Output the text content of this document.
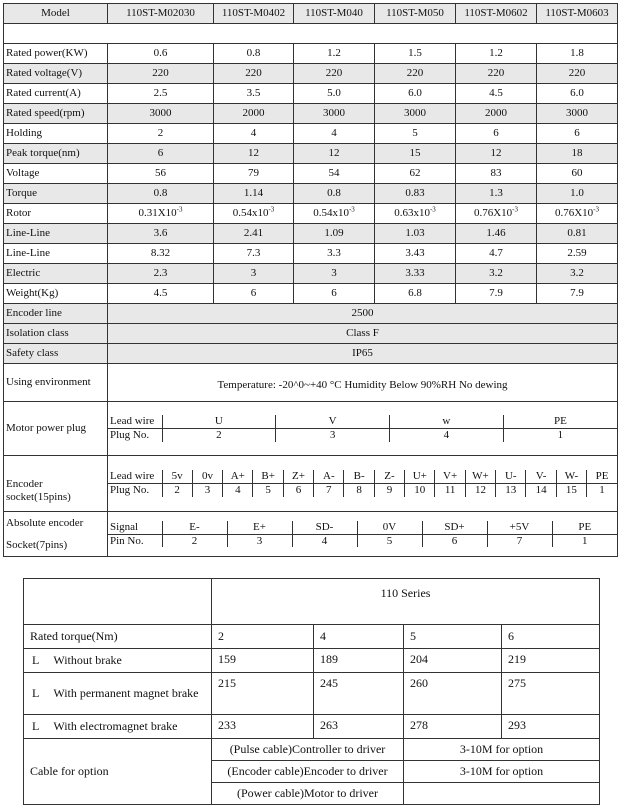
Model	110ST-M02030	110ST-M0402	110ST-M040	110ST-M050	110ST-M0602	110ST-M0603

Rated power(KW)	0.6	0.8	1.2	1.5	1.2	1.8
Rated voltage(V)	220	220	220	220	220	220
Rated current(A)	2.5	3.5	5.0	6.0	4.5	6.0
Rated speed(rpm)	3000	2000	3000	3000	2000	3000
Holding	2	4	4	5	6	6
Peak torque(nm)	6	12	12	15	12	18
Voltage	56	79	54	62	83	60
Torque	0.8	1.14	0.8	0.83	1.3	1.0
Rotor	$0.31X10^{-3}$	$0.54x10^{-3}$	$0.54x10^{-3}$	$0.63x10^{-3}$	$0.76X10^{-3}$	$0.76X10^{-3}$
Line-Line	3.6	2.41	1.09	1.03	1.46	0.81
Line-Line	8.32	7.3	3.3	3.43	4.7	2.59
Electric	2.3	3	3	3.33	3.2	3.2
Weight(Kg)	4.5	6	6	6.8	7.9	7.9
Encoder line	2500
Isolation class	Class F
Safety class	IP65
Using environment	Temperature: -20^0~+40 °C Humidity Below 90%RH No dewing
Motor power plug	
Lead wire	U	V	w	PE
Plug No.	2	3	4	1

Encoder socket(15pins)	
Lead wire	5v	0v	A+	B+	Z+	A-	B-	Z-	U+	V+	W+	U-	V-	W-	PE
Plug No.	2	3	4	5	6	7	8	9	10	11	12	13	14	15	1

Absolute encoder
Socket(7pins)

Signal	E-	E+	SD-	0V	SD+	+5V	PE
Pin No.	2	3	4	5	6	7	1
	110 Series			
Rated torque(Nm)	2	4	5	6

L Without brake	159	189	204	219

L With permanent magnet brake	215	245	260	275

L With electromagnet brake	233	263	278	293
Cable for option	(Pulse cable)Controller to driver		3-10M for option	
	(Encoder cable)Encoder to driver		3-10M for option	
	(Power cable)Motor to driver			
